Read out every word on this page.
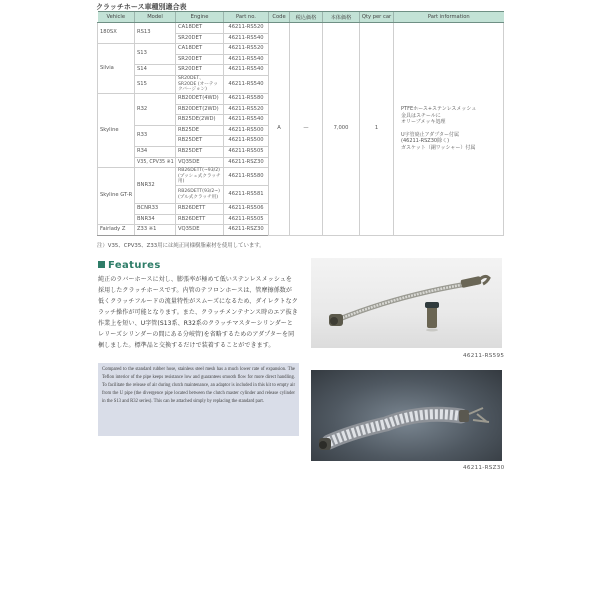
クラッチホース車種別適合表
Vehicle	Model	Engine	Part no.	Code	税込価格	本体価格	Qty per car	Part information
180SX	RS13	CA18DET	46211-RS520	A	—	7,000	1	
PTFEホース+ステンレスメッシュ
金具はスチールに
オリーブメッキ処理
U字管廃止アダプター付属
(46211-RSZ30除く)
ガスケット（銅ワッシャー）付属

		SR20DET	46211-RS540					
Silvia	S13	CA18DET	46211-RS520					
		SR20DET	46211-RS540					
	S14	SR20DET	46211-RS540					
	S15	SR20DET、SR20DE (オーテックバージョン)	46211-RS540					
Skyline	R32	RB20DET(4WD)	46211-RS580					
		RB20DET(2WD)	46211-RS520					
		RB25DE(2WD)	46211-RS540					
	R33	RB25DE	46211-RS500					
		RB25DET	46211-RS500					
	R34	RB25DET	46211-RS505					
	V35, CPV35 ※1	VQ35DE	46211-RSZ30					
Skyline GT-R	BNR32	RB26DETT(~93/2) (プッシュ式クラッチ用)	46211-RS580					
		RB26DETT(93/2~) (プル式クラッチ用)	46211-RS581					
	BCNR33	RB26DETT	46211-RS506					
	BNR34	RB26DETT	46211-RS505					
Fairlady Z	Z33 ※1	VQ35DE	46211-RSZ30					
注）V35、CPV35、Z33用には純正同様樹脂素材を使用しています。
Features
純正のラバーホースに対し、膨張率が極めて低いステンレスメッシュを採用したクラッチホースです。内管のテフロンホースは、管摩擦係数が低くクラッチフルードの流量特性がスムーズになるため、ダイレクトなクラッチ操作が可能となります。また、クラッチメンテナンス時のエア抜き作業上を短い、U字管(S13系、R32系のクラッチマスターシリンダーとレリーズシリンダーの間にある分岐管)を省略するためのアダプターを同梱しました。標準品と交換するだけで装着することができます。
Compared to the standard rubber hose, stainless steel mesh has a much lower rate of expansion. The Teflon interior of the pipe keeps resistance low and guarantees smooth flow for more direct handling. To facilitate the release of air during clutch maintenance, an adaptor is included in this kit to empty air from the U pipe (the divergence pipe located between the clutch master cylinder and release cylinder in the S13 and R32 series). This can be attached simply by replacing the standard part.
46211-RS595
46211-RSZ30
